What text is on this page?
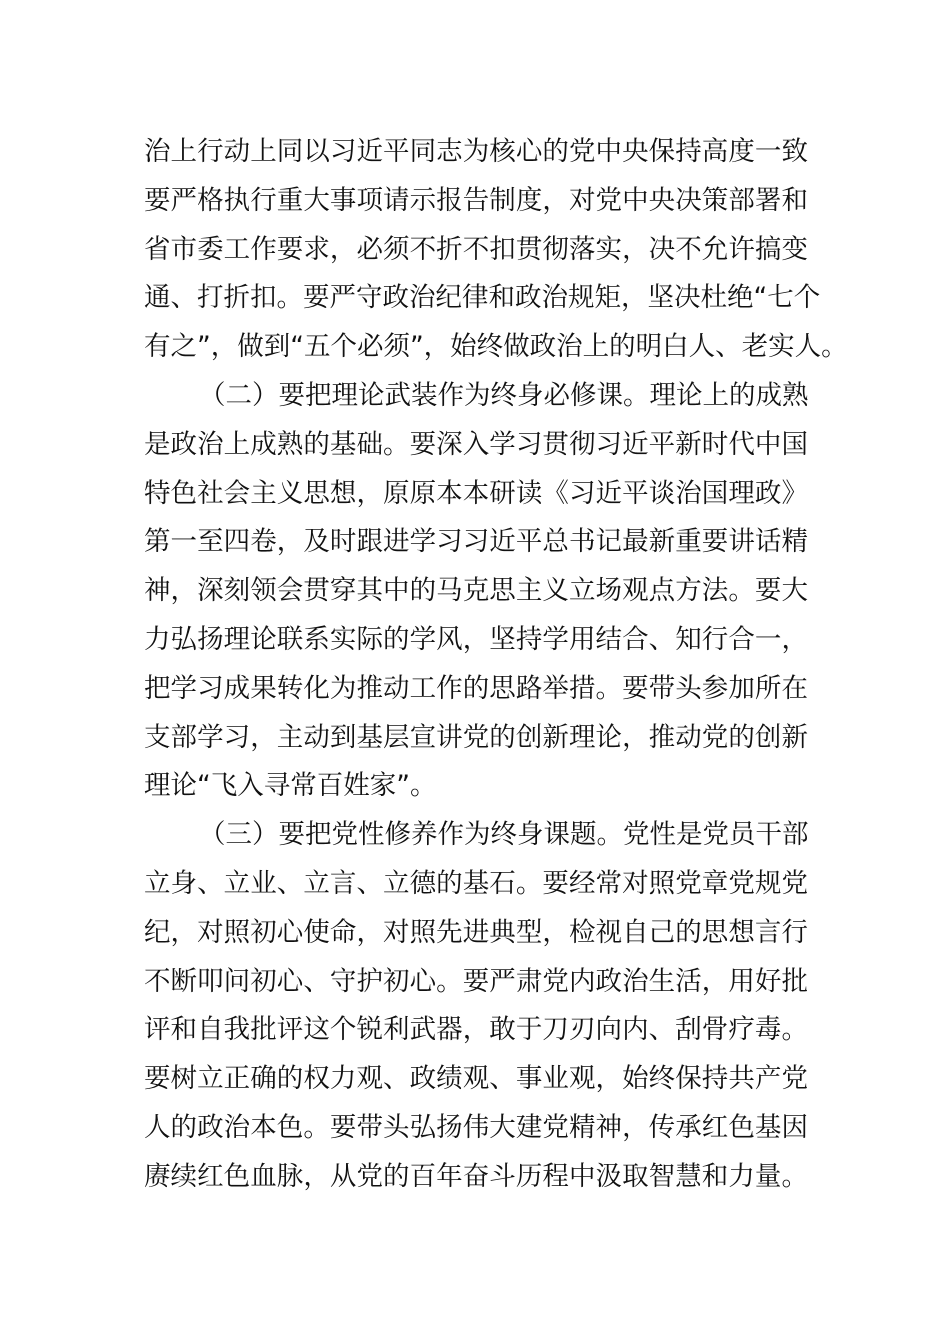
治上行动上同以习近平同志为核心的党中央保持高度一致
要严格执行重大事项请示报告制度，对党中央决策部署和
省市委工作要求，必须不折不扣贯彻落实，决不允许搞变
通、打折扣。要严守政治纪律和政治规矩，坚决杜绝“七个
有之”，做到“五个必须”，始终做政治上的明白人、老实人。
（二）要把理论武装作为终身必修课。理论上的成熟
是政治上成熟的基础。要深入学习贯彻习近平新时代中国
特色社会主义思想，原原本本研读《习近平谈治国理政》
第一至四卷，及时跟进学习习近平总书记最新重要讲话精
神，深刻领会贯穿其中的马克思主义立场观点方法。要大
力弘扬理论联系实际的学风，坚持学用结合、知行合一，
把学习成果转化为推动工作的思路举措。要带头参加所在
支部学习，主动到基层宣讲党的创新理论，推动党的创新
理论“飞入寻常百姓家”。
（三）要把党性修养作为终身课题。党性是党员干部
立身、立业、立言、立德的基石。要经常对照党章党规党
纪，对照初心使命，对照先进典型，检视自己的思想言行
不断叩问初心、守护初心。要严肃党内政治生活，用好批
评和自我批评这个锐利武器，敢于刀刃向内、刮骨疗毒。
要树立正确的权力观、政绩观、事业观，始终保持共产党
人的政治本色。要带头弘扬伟大建党精神，传承红色基因
赓续红色血脉，从党的百年奋斗历程中汲取智慧和力量。
